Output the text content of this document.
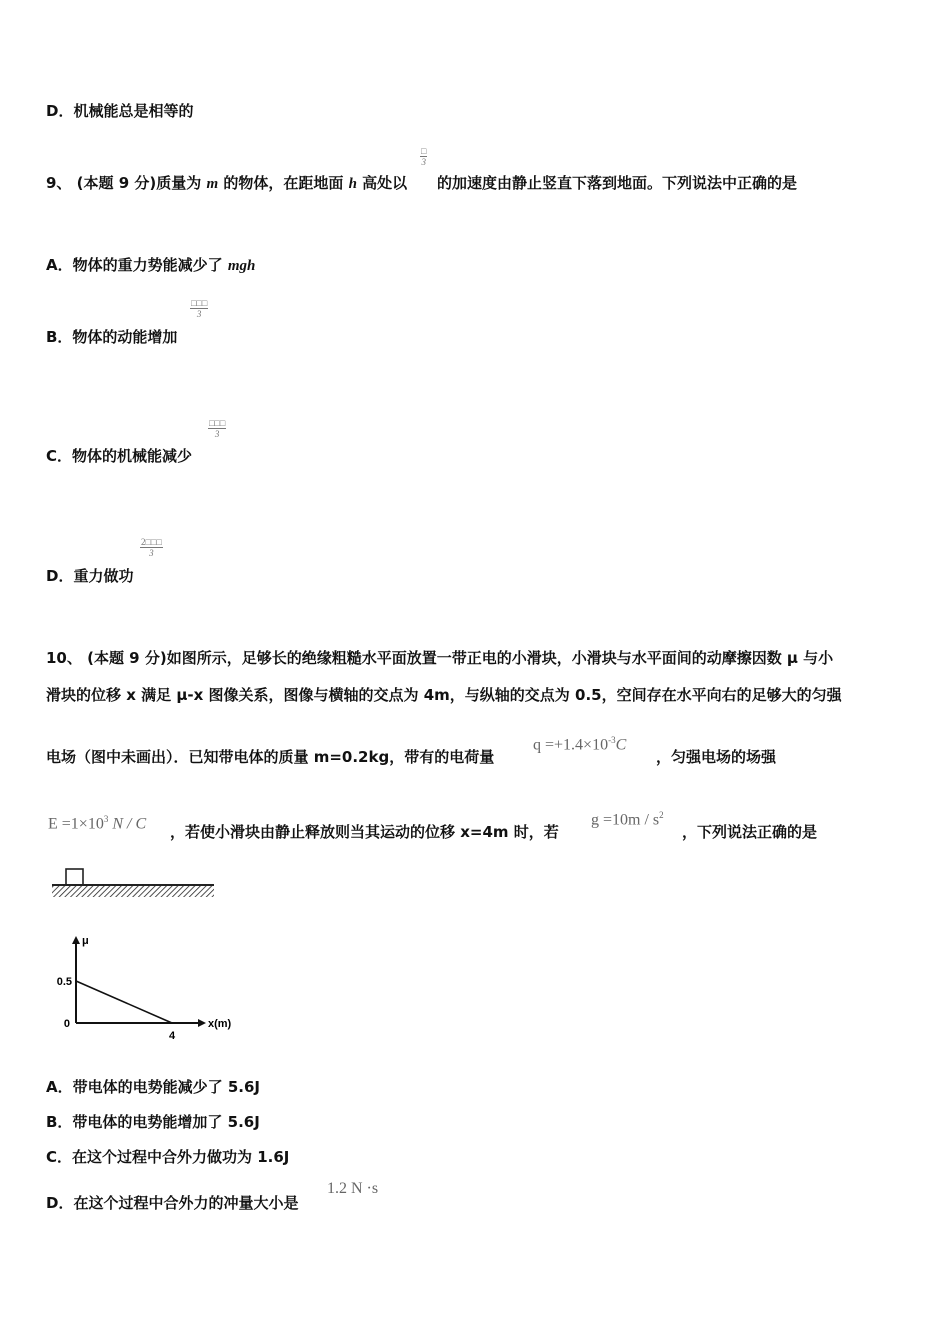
D．机械能总是相等的
9、 (本题 9 分)质量为 m 的物体，在距地面 h 高处以
□
3
的加速度由静止竖直下落到地面。下列说法中正确的是
A．物体的重力势能减少了 mgh
B．物体的动能增加
□□□
3
C．物体的机械能减少
□□□
3
D．重力做功
$\frac{2□□□}{3}$
10、 (本题 9 分)如图所示，足够长的绝缘粗糙水平面放置一带正电的小滑块，小滑块与水平面间的动摩擦因数 μ 与小
滑块的位移 x 满足 μ-x 图像关系，图像与横轴的交点为 4m，与纵轴的交点为 0.5，空间存在水平向右的足够大的匀强
电场（图中未画出）．已知带电体的质量 m=0.2kg，带有的电荷量
$q =+1.4\times 10^{-3}C$
，匀强电场的场强
$E =1\times 10^3$ N / C ，若使小滑块由静止释放则当其运动的位移 x=4m 时，若
$g =10m / s^2$
，下列说法正确的是
μ
x(m)
0.5
0
4
A．带电体的电势能减少了 5.6J
B．带电体的电势能增加了 5.6J
C．在这个过程中合外力做功为 1.6J
D．在这个过程中合外力的冲量大小是
1.2 N ·s
